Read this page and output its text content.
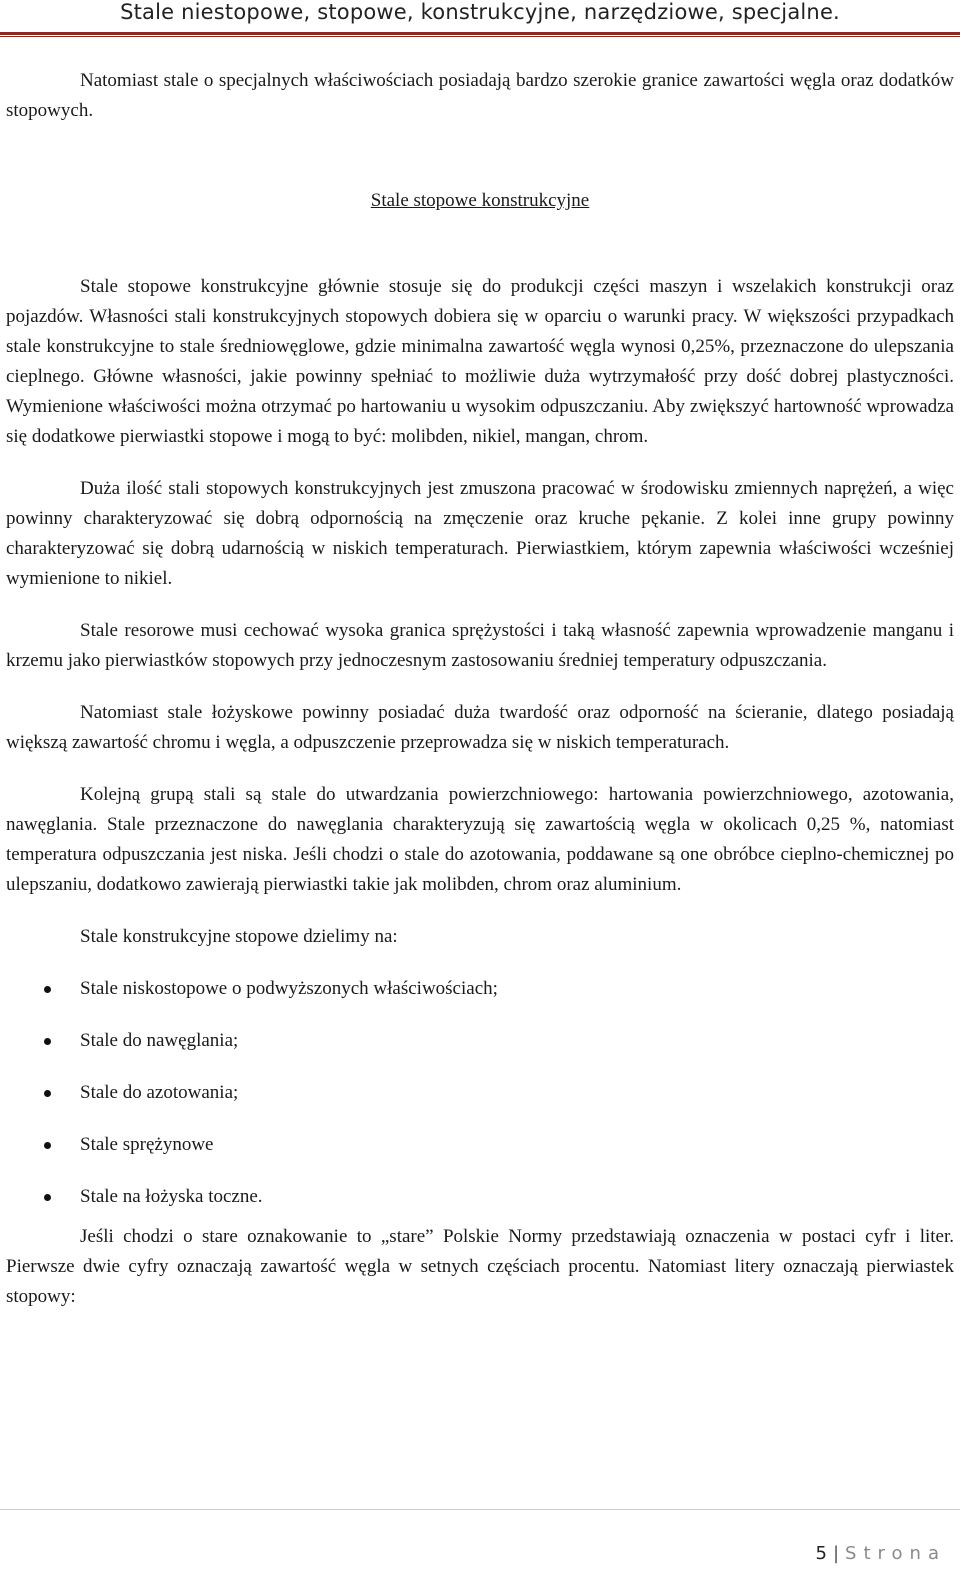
Stale niestopowe, stopowe, konstrukcyjne, narzędziowe, specjalne.

Natomiast stale o specjalnych właściwościach posiadają bardzo szerokie granice zawartości węgla oraz dodatków stopowych.

Stale stopowe konstrukcyjne

Stale stopowe konstrukcyjne głównie stosuje się do produkcji części maszyn i wszelakich konstrukcji oraz pojazdów. Własności stali konstrukcyjnych stopowych dobiera się w oparciu o warunki pracy. W większości przypadkach stale konstrukcyjne to stale średniowęglowe, gdzie minimalna zawartość węgla wynosi 0,25%, przeznaczone do ulepszania cieplnego. Główne własności, jakie powinny spełniać to możliwie duża wytrzymałość przy dość dobrej plastyczności. Wymienione właściwości można otrzymać po hartowaniu u wysokim odpuszczaniu. Aby zwiększyć hartowność wprowadza się dodatkowe pierwiastki stopowe i mogą to być: molibden, nikiel, mangan, chrom.

Duża ilość stali stopowych konstrukcyjnych jest zmuszona pracować w środowisku zmiennych naprężeń, a więc powinny charakteryzować się dobrą odpornością na zmęczenie oraz kruche pękanie. Z kolei inne grupy powinny charakteryzować się dobrą udarnością w niskich temperaturach. Pierwiastkiem, którym zapewnia właściwości wcześniej wymienione to nikiel.

Stale resorowe musi cechować wysoka granica sprężystości i taką własność zapewnia wprowadzenie manganu i krzemu jako pierwiastków stopowych przy jednoczesnym zastosowaniu średniej temperatury odpuszczania.

Natomiast stale łożyskowe powinny posiadać duża twardość oraz odporność na ścieranie, dlatego posiadają większą zawartość chromu i węgla, a odpuszczenie przeprowadza się w niskich temperaturach.

Kolejną grupą stali są stale do utwardzania powierzchniowego: hartowania powierzchniowego, azotowania, nawęglania. Stale przeznaczone do nawęglania charakteryzują się zawartością węgla w okolicach 0,25 %, natomiast temperatura odpuszczania jest niska. Jeśli chodzi o stale do azotowania, poddawane są one obróbce cieplno-chemicznej po ulepszaniu, dodatkowo zawierają pierwiastki takie jak molibden, chrom oraz aluminium.

Stale konstrukcyjne stopowe dzielimy na:

Stale niskostopowe o podwyższonych właściwościach;
Stale do nawęglania;
Stale do azotowania;
Stale sprężynowe
Stale na łożyska toczne.

Jeśli chodzi o stare oznakowanie to „stare” Polskie Normy przedstawiają oznaczenia w postaci cyfr i liter. Pierwsze dwie cyfry oznaczają zawartość węgla w setnych częściach procentu. Natomiast litery oznaczają pierwiastek stopowy:

5 | Strona
